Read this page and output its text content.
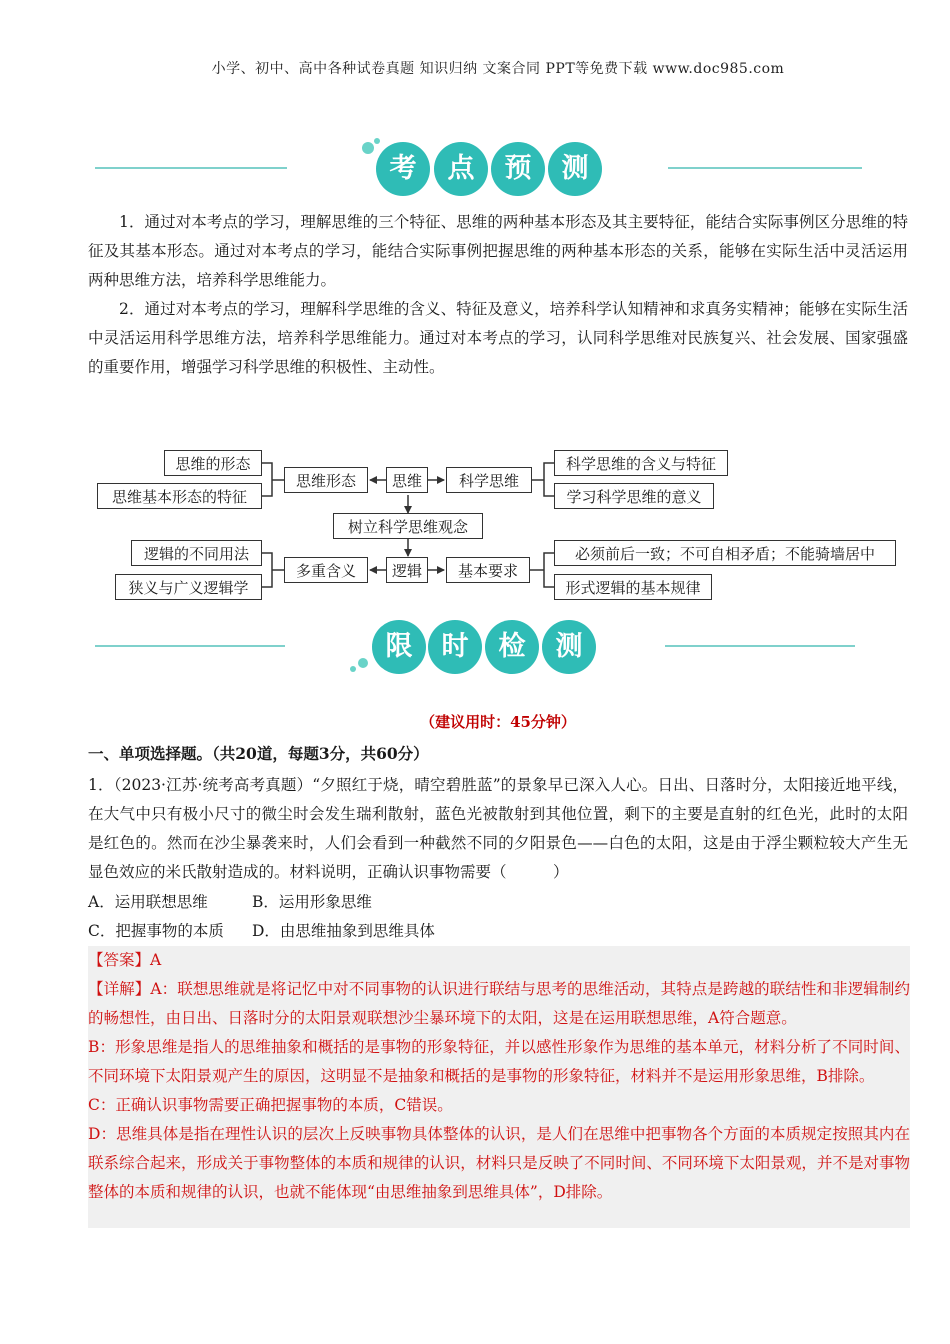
小学、初中、高中各种试卷真题 知识归纳 文案合同 PPT等免费下载 www.doc985.com
考	点	预	测

1．通过对本考点的学习，理解思维的三个特征、思维的两种基本形态及其主要特征，能结合实际事例区分思维的特征及其基本形态。通过对本考点的学习，能结合实际事例把握思维的两种基本形态的关系，能够在实际生活中灵活运用两种思维方法，培养科学思维能力。

2．通过对本考点的学习，理解科学思维的含义、特征及意义，培养科学认知精神和求真务实精神；能够在实际生活中灵活运用科学思维方法，培养科学思维能力。通过对本考点的学习，认同科学思维对民族复兴、社会发展、国家强盛的重要作用，增强学习科学思维的积极性、主动性。

思维的形态
思维基本形态的特征
思维形态	思维	科学思维
科学思维的含义与特征
学习科学思维的意义
树立科学思维观念
逻辑的不同用法
狭义与广义逻辑学
多重含义	逻辑	基本要求
必须前后一致；不可自相矛盾；不能骑墙居中
形式逻辑的基本规律
限	时	检	测
（建议用时：45分钟）
一、单项选择题。（共20道，每题3分，共60分）

1．（2023·江苏·统考高考真题）“夕照红于烧，晴空碧胜蓝”的景象早已深入人心。日出、日落时分，太阳接近地平线，在大气中只有极小尺寸的微尘时会发生瑞利散射，蓝色光被散射到其他位置，剩下的主要是直射的红色光，此时的太阳是红色的。然而在沙尘暴袭来时，人们会看到一种截然不同的夕阳景色——白色的太阳，这是由于浮尘颗粒较大产生无显色效应的米氏散射造成的。材料说明，正确认识事物需要（　　　）

A．运用联想思维	B．运用形象思维
C．把握事物的本质 D．由思维抽象到思维具体

【答案】A

【详解】A：联想思维就是将记忆中对不同事物的认识进行联结与思考的思维活动，其特点是跨越的联结性和非逻辑制约的畅想性，由日出、日落时分的太阳景观联想沙尘暴环境下的太阳，这是在运用联想思维，A符合题意。

B：形象思维是指人的思维抽象和概括的是事物的形象特征，并以感性形象作为思维的基本单元，材料分析了不同时间、不同环境下太阳景观产生的原因，这明显不是抽象和概括的是事物的形象特征，材料并不是运用形象思维，B排除。

C：正确认识事物需要正确把握事物的本质，C错误。

D：思维具体是指在理性认识的层次上反映事物具体整体的认识，是人们在思维中把事物各个方面的本质规定按照其内在联系综合起来，形成关于事物整体的本质和规律的认识，材料只是反映了不同时间、不同环境下太阳景观，并不是对事物整体的本质和规律的认识，也就不能体现“由思维抽象到思维具体”，D排除。
